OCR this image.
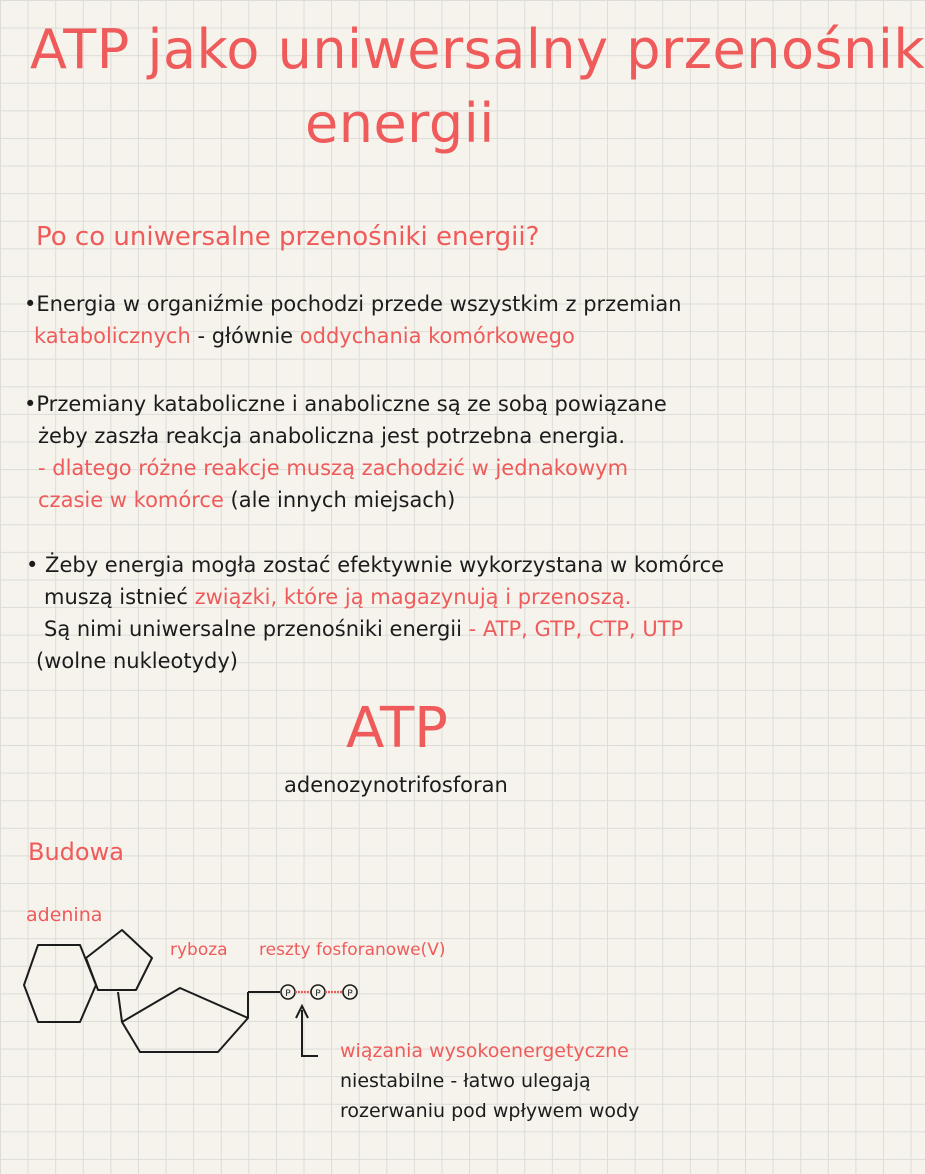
ATP jako uniwersalny przenośnik
energii
Po co uniwersalne przenośniki energii?
•Energia w organiźmie pochodzi przede wszystkim z przemian
katabolicznych - głównie oddychania komórkowego
•Przemiany kataboliczne i anaboliczne są ze sobą powiązane
żeby zaszła reakcja anaboliczna jest potrzebna energia.
- dlatego różne reakcje muszą zachodzić w jednakowym
czasie w komórce (ale innych miejsach)
• Żeby energia mogła zostać efektywnie wykorzystana w komórce
muszą istnieć związki, które ją magazynują i przenoszą.
Są nimi uniwersalne przenośniki energii - ATP, GTP, CTP, UTP
(wolne nukleotydy)
ATP
adenozynotrifosforan
Budowa
adenina
ryboza reszty fosforanowe(V)
P	P	P
wiązania wysokoenergetyczne
niestabilne - łatwo ulegają
rozerwaniu pod wpływem wody
